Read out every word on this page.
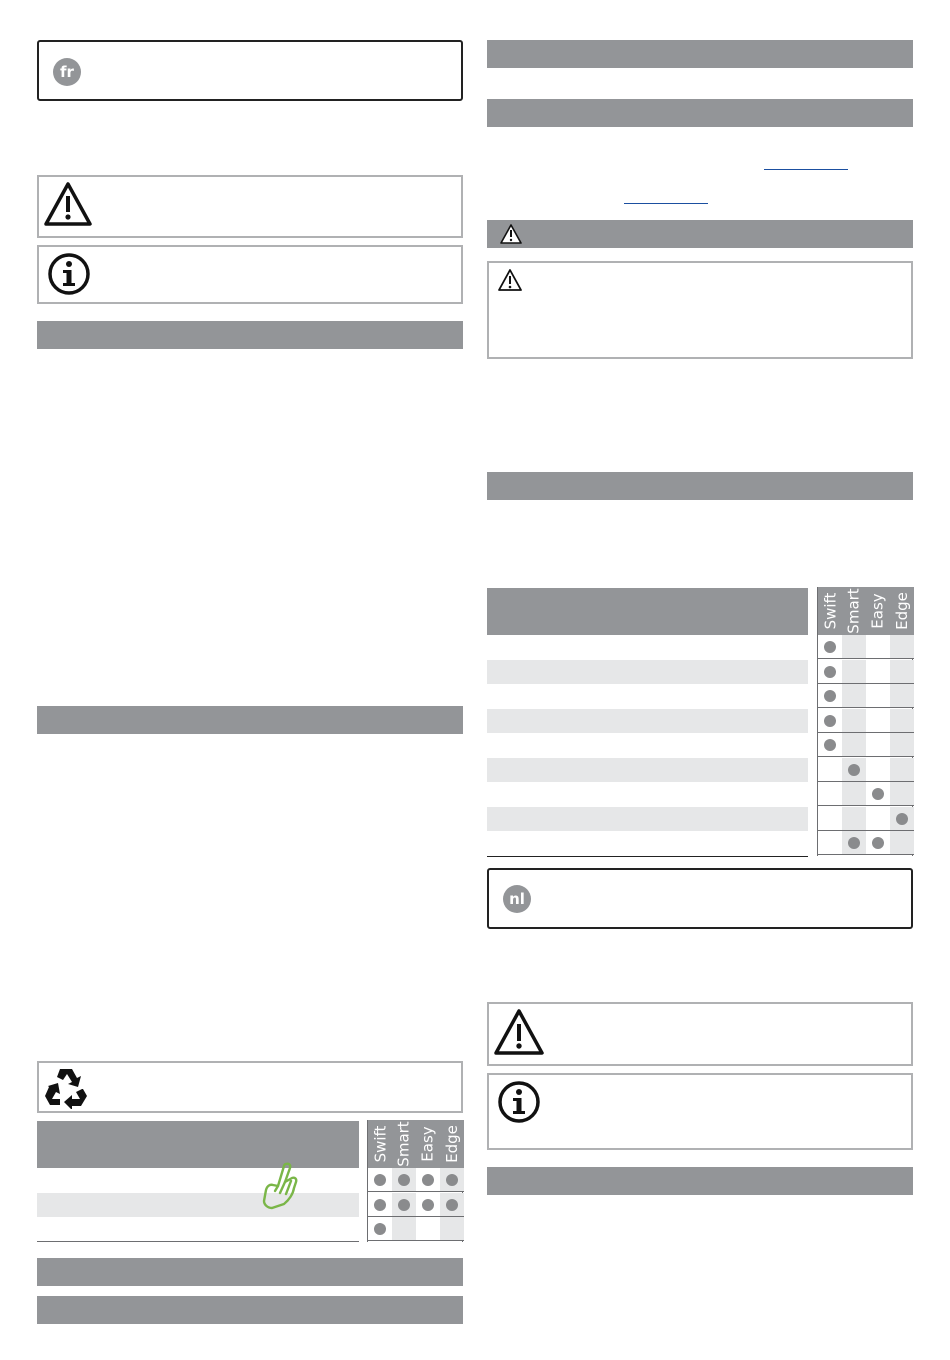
fr
Swift Smart Easy Edge
Swift Smart Easy Edge
nl
